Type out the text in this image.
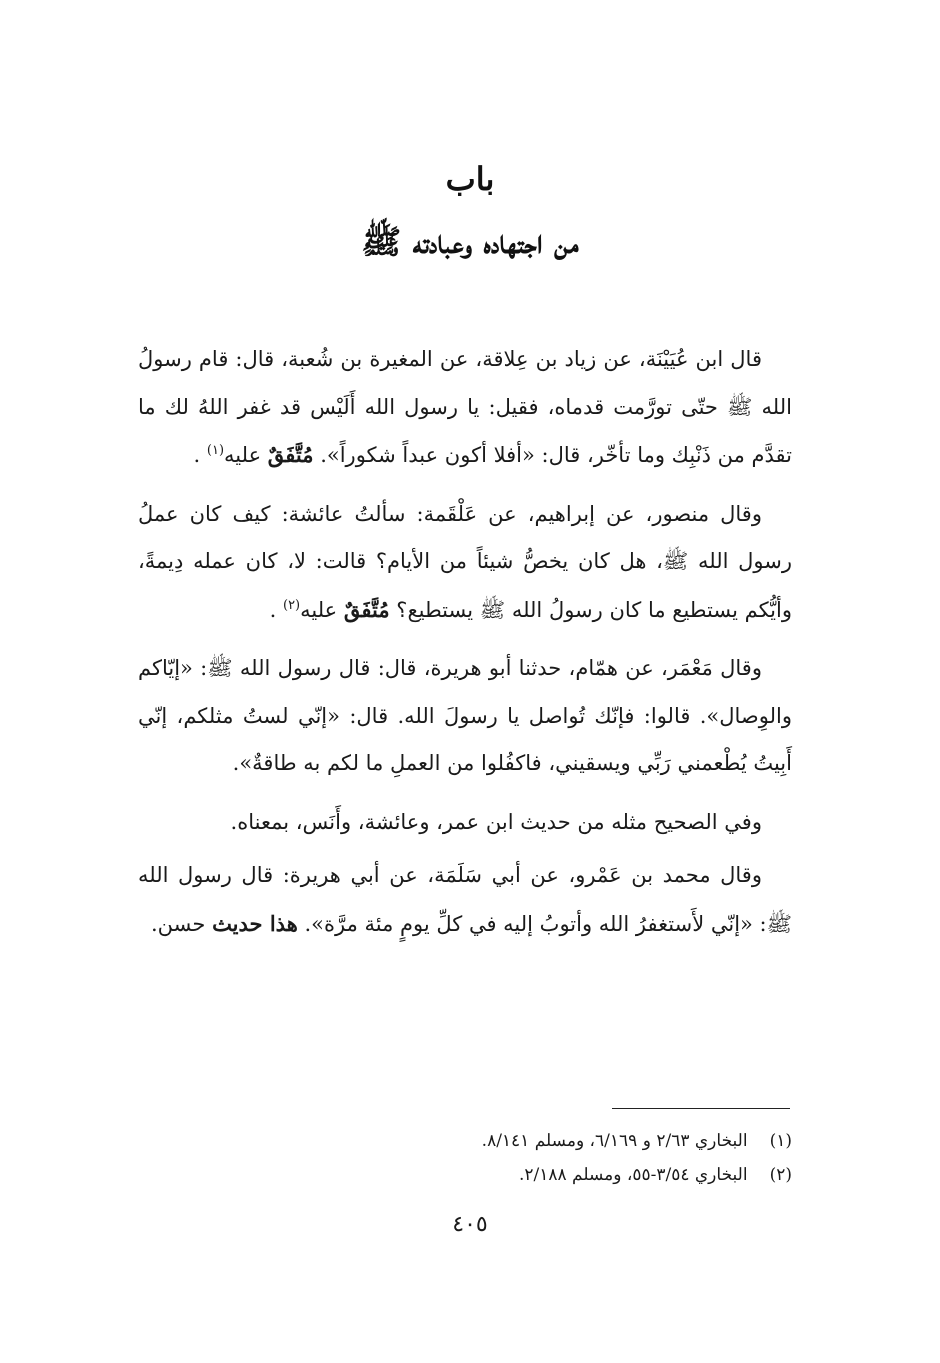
باب
من اجتهاده وعبادته ﷺ

قال ابن عُيَيْنَة، عن زياد بن عِلاقة، عن المغيرة بن شُعبة، قال: قام رسولُ الله ﷺ حتّى تورَّمت قدماه، فقيل: يا رسول الله أَلَيْس قد غفر اللهُ لك ما تقدَّم من ذَنْبِك وما تأخّر، قال: «أفلا أكون عبداً شكوراً». مُتَّفَقٌ عليه$^{(١)}$ .

وقال منصور، عن إبراهيم، عن عَلْقَمة: سألتُ عائشة: كيف كان عملُ رسول الله ﷺ، هل كان يخصُّ شيئاً من الأيام؟ قالت: لا، كان عمله دِيمةً، وأيُّكم يستطيع ما كان رسولُ الله ﷺ يستطيع؟ مُتَّفَقٌ عليه$^{(٢)}$ .

وقال مَعْمَر، عن همّام، حدثنا أبو هريرة، قال: قال رسول الله ﷺ: «إيّاكم والوِصال». قالوا: فإنّك تُواصل يا رسولَ الله. قال: «إنّي لستُ مثلكم، إنّي أَبِيتُ يُطْعمني رَبِّي ويسقيني، فاكفُلوا من العملِ ما لكم به طاقةٌ».

وفي الصحيح مثله من حديث ابن عمر، وعائشة، وأَنَس، بمعناه.

وقال محمد بن عَمْرو، عن أبي سَلَمَة، عن أبي هريرة: قال رسول الله ﷺ: «إنّي لأَستغفرُ الله وأتوبُ إليه في كلِّ يومٍ مئة مرَّة». هذا حديث حسن.

(١)البخاري ٢/٦٣ و ٦/١٦٩، ومسلم ٨/١٤١.
(٢)البخاري ٣/٥٤-٥٥، ومسلم ٢/١٨٨.
٤٠٥
